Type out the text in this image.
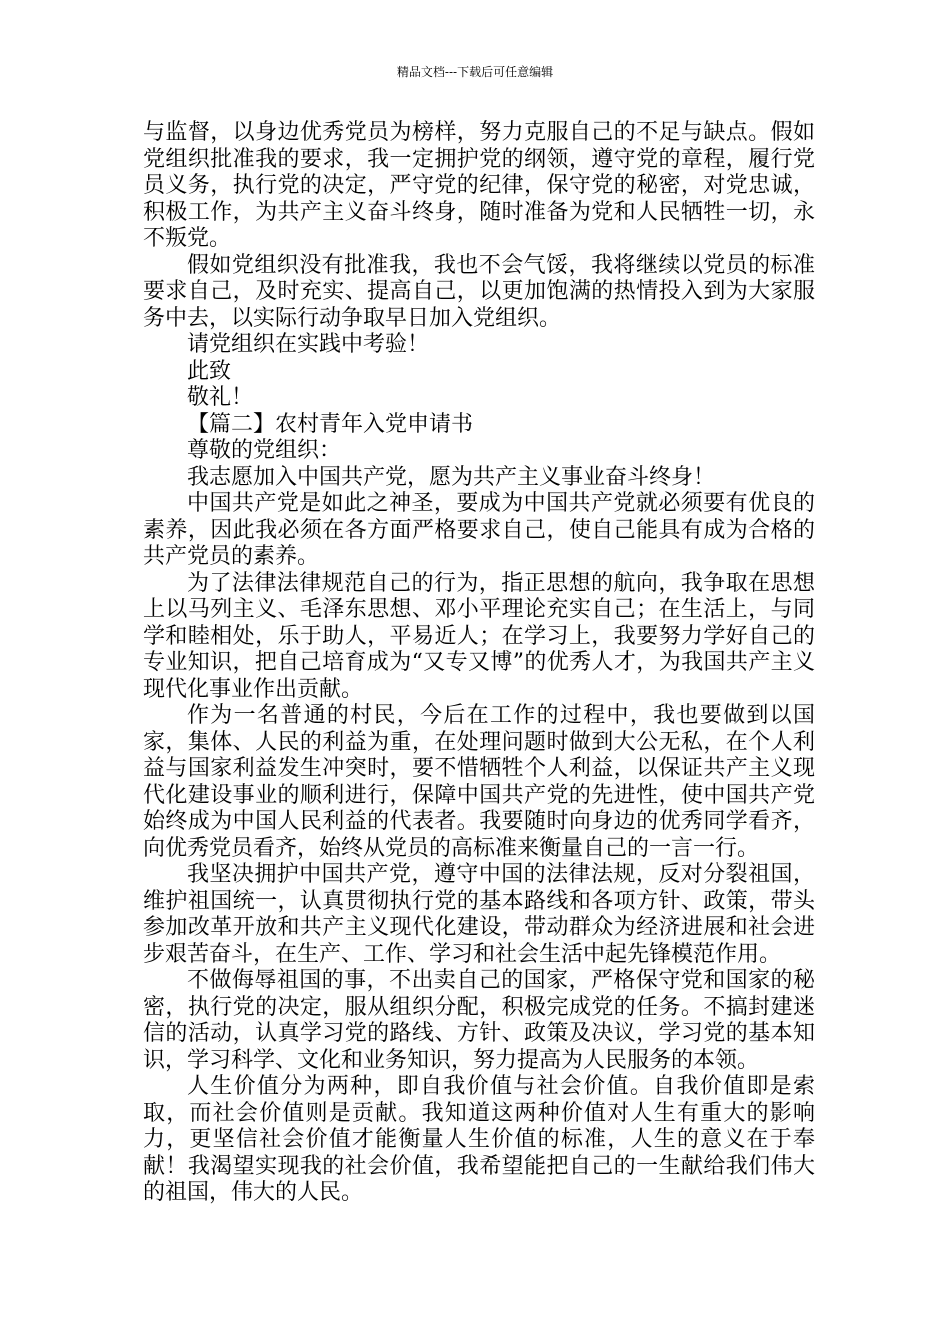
精品文档---下载后可任意编辑

与监督，以身边优秀党员为榜样，努力克服自己的不足与缺点。假如党组织批准我的要求，我一定拥护党的纲领，遵守党的章程，履行党员义务，执行党的决定，严守党的纪律，保守党的秘密，对党忠诚，积极工作，为共产主义奋斗终身，随时准备为党和人民牺牲一切，永不叛党。

假如党组织没有批准我，我也不会气馁，我将继续以党员的标准要求自己，及时充实、提高自己，以更加饱满的热情投入到为大家服务中去，以实际行动争取早日加入党组织。

请党组织在实践中考验！

此致

敬礼！

【篇二】农村青年入党申请书

尊敬的党组织：

我志愿加入中国共产党，愿为共产主义事业奋斗终身！

中国共产党是如此之神圣，要成为中国共产党就必须要有优良的素养，因此我必须在各方面严格要求自己，使自己能具有成为合格的共产党员的素养。

为了法律法律规范自己的行为，指正思想的航向，我争取在思想上以马列主义、毛泽东思想、邓小平理论充实自己；在生活上，与同学和睦相处，乐于助人，平易近人；在学习上，我要努力学好自己的专业知识，把自己培育成为“又专又博”的优秀人才，为我国共产主义现代化事业作出贡献。

作为一名普通的村民，今后在工作的过程中，我也要做到以国家，集体、人民的利益为重，在处理问题时做到大公无私，在个人利益与国家利益发生冲突时，要不惜牺牲个人利益，以保证共产主义现代化建设事业的顺利进行，保障中国共产党的先进性，使中国共产党始终成为中国人民利益的代表者。我要随时向身边的优秀同学看齐，向优秀党员看齐，始终从党员的高标准来衡量自己的一言一行。

我坚决拥护中国共产党，遵守中国的法律法规，反对分裂祖国，维护祖国统一，认真贯彻执行党的基本路线和各项方针、政策，带头参加改革开放和共产主义现代化建设，带动群众为经济进展和社会进步艰苦奋斗，在生产、工作、学习和社会生活中起先锋模范作用。

不做侮辱祖国的事，不出卖自己的国家，严格保守党和国家的秘密，执行党的决定，服从组织分配，积极完成党的任务。不搞封建迷信的活动，认真学习党的路线、方针、政策及决议，学习党的基本知识，学习科学、文化和业务知识，努力提高为人民服务的本领。

人生价值分为两种，即自我价值与社会价值。自我价值即是索取，而社会价值则是贡献。我知道这两种价值对人生有重大的影响力，更坚信社会价值才能衡量人生价值的标准，人生的意义在于奉献！我渴望实现我的社会价值，我希望能把自己的一生献给我们伟大的祖国，伟大的人民。
